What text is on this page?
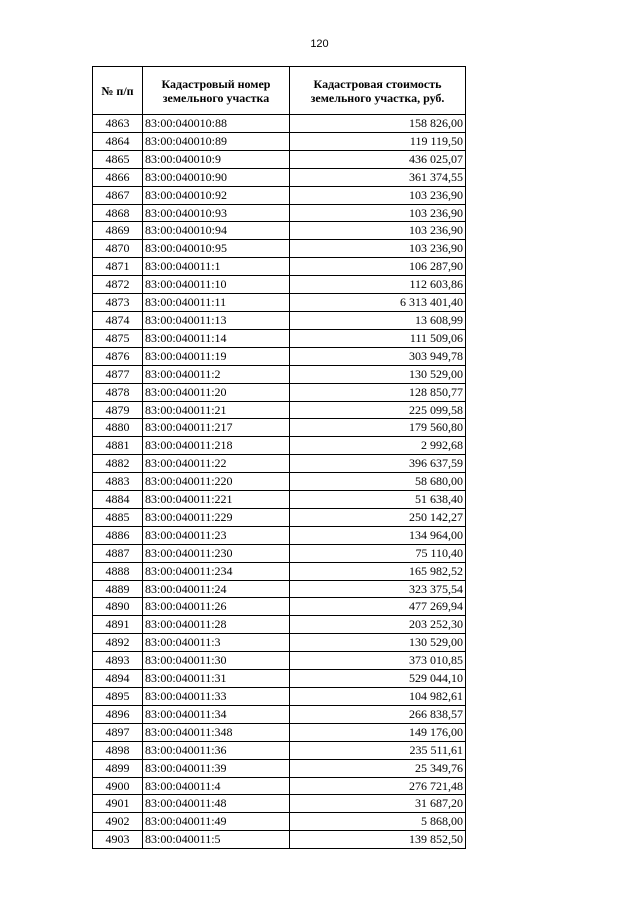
120
№ п/п	Кадастровый номер земельного участка	Кадастровая стоимость земельного участка, руб.
4863	83:00:040010:88	158 826,00
4864	83:00:040010:89	119 119,50
4865	83:00:040010:9	436 025,07
4866	83:00:040010:90	361 374,55
4867	83:00:040010:92	103 236,90
4868	83:00:040010:93	103 236,90
4869	83:00:040010:94	103 236,90
4870	83:00:040010:95	103 236,90
4871	83:00:040011:1	106 287,90
4872	83:00:040011:10	112 603,86
4873	83:00:040011:11	6 313 401,40
4874	83:00:040011:13	13 608,99
4875	83:00:040011:14	111 509,06
4876	83:00:040011:19	303 949,78
4877	83:00:040011:2	130 529,00
4878	83:00:040011:20	128 850,77
4879	83:00:040011:21	225 099,58
4880	83:00:040011:217	179 560,80
4881	83:00:040011:218	2 992,68
4882	83:00:040011:22	396 637,59
4883	83:00:040011:220	58 680,00
4884	83:00:040011:221	51 638,40
4885	83:00:040011:229	250 142,27
4886	83:00:040011:23	134 964,00
4887	83:00:040011:230	75 110,40
4888	83:00:040011:234	165 982,52
4889	83:00:040011:24	323 375,54
4890	83:00:040011:26	477 269,94
4891	83:00:040011:28	203 252,30
4892	83:00:040011:3	130 529,00
4893	83:00:040011:30	373 010,85
4894	83:00:040011:31	529 044,10
4895	83:00:040011:33	104 982,61
4896	83:00:040011:34	266 838,57
4897	83:00:040011:348	149 176,00
4898	83:00:040011:36	235 511,61
4899	83:00:040011:39	25 349,76
4900	83:00:040011:4	276 721,48
4901	83:00:040011:48	31 687,20
4902	83:00:040011:49	5 868,00
4903	83:00:040011:5	139 852,50
